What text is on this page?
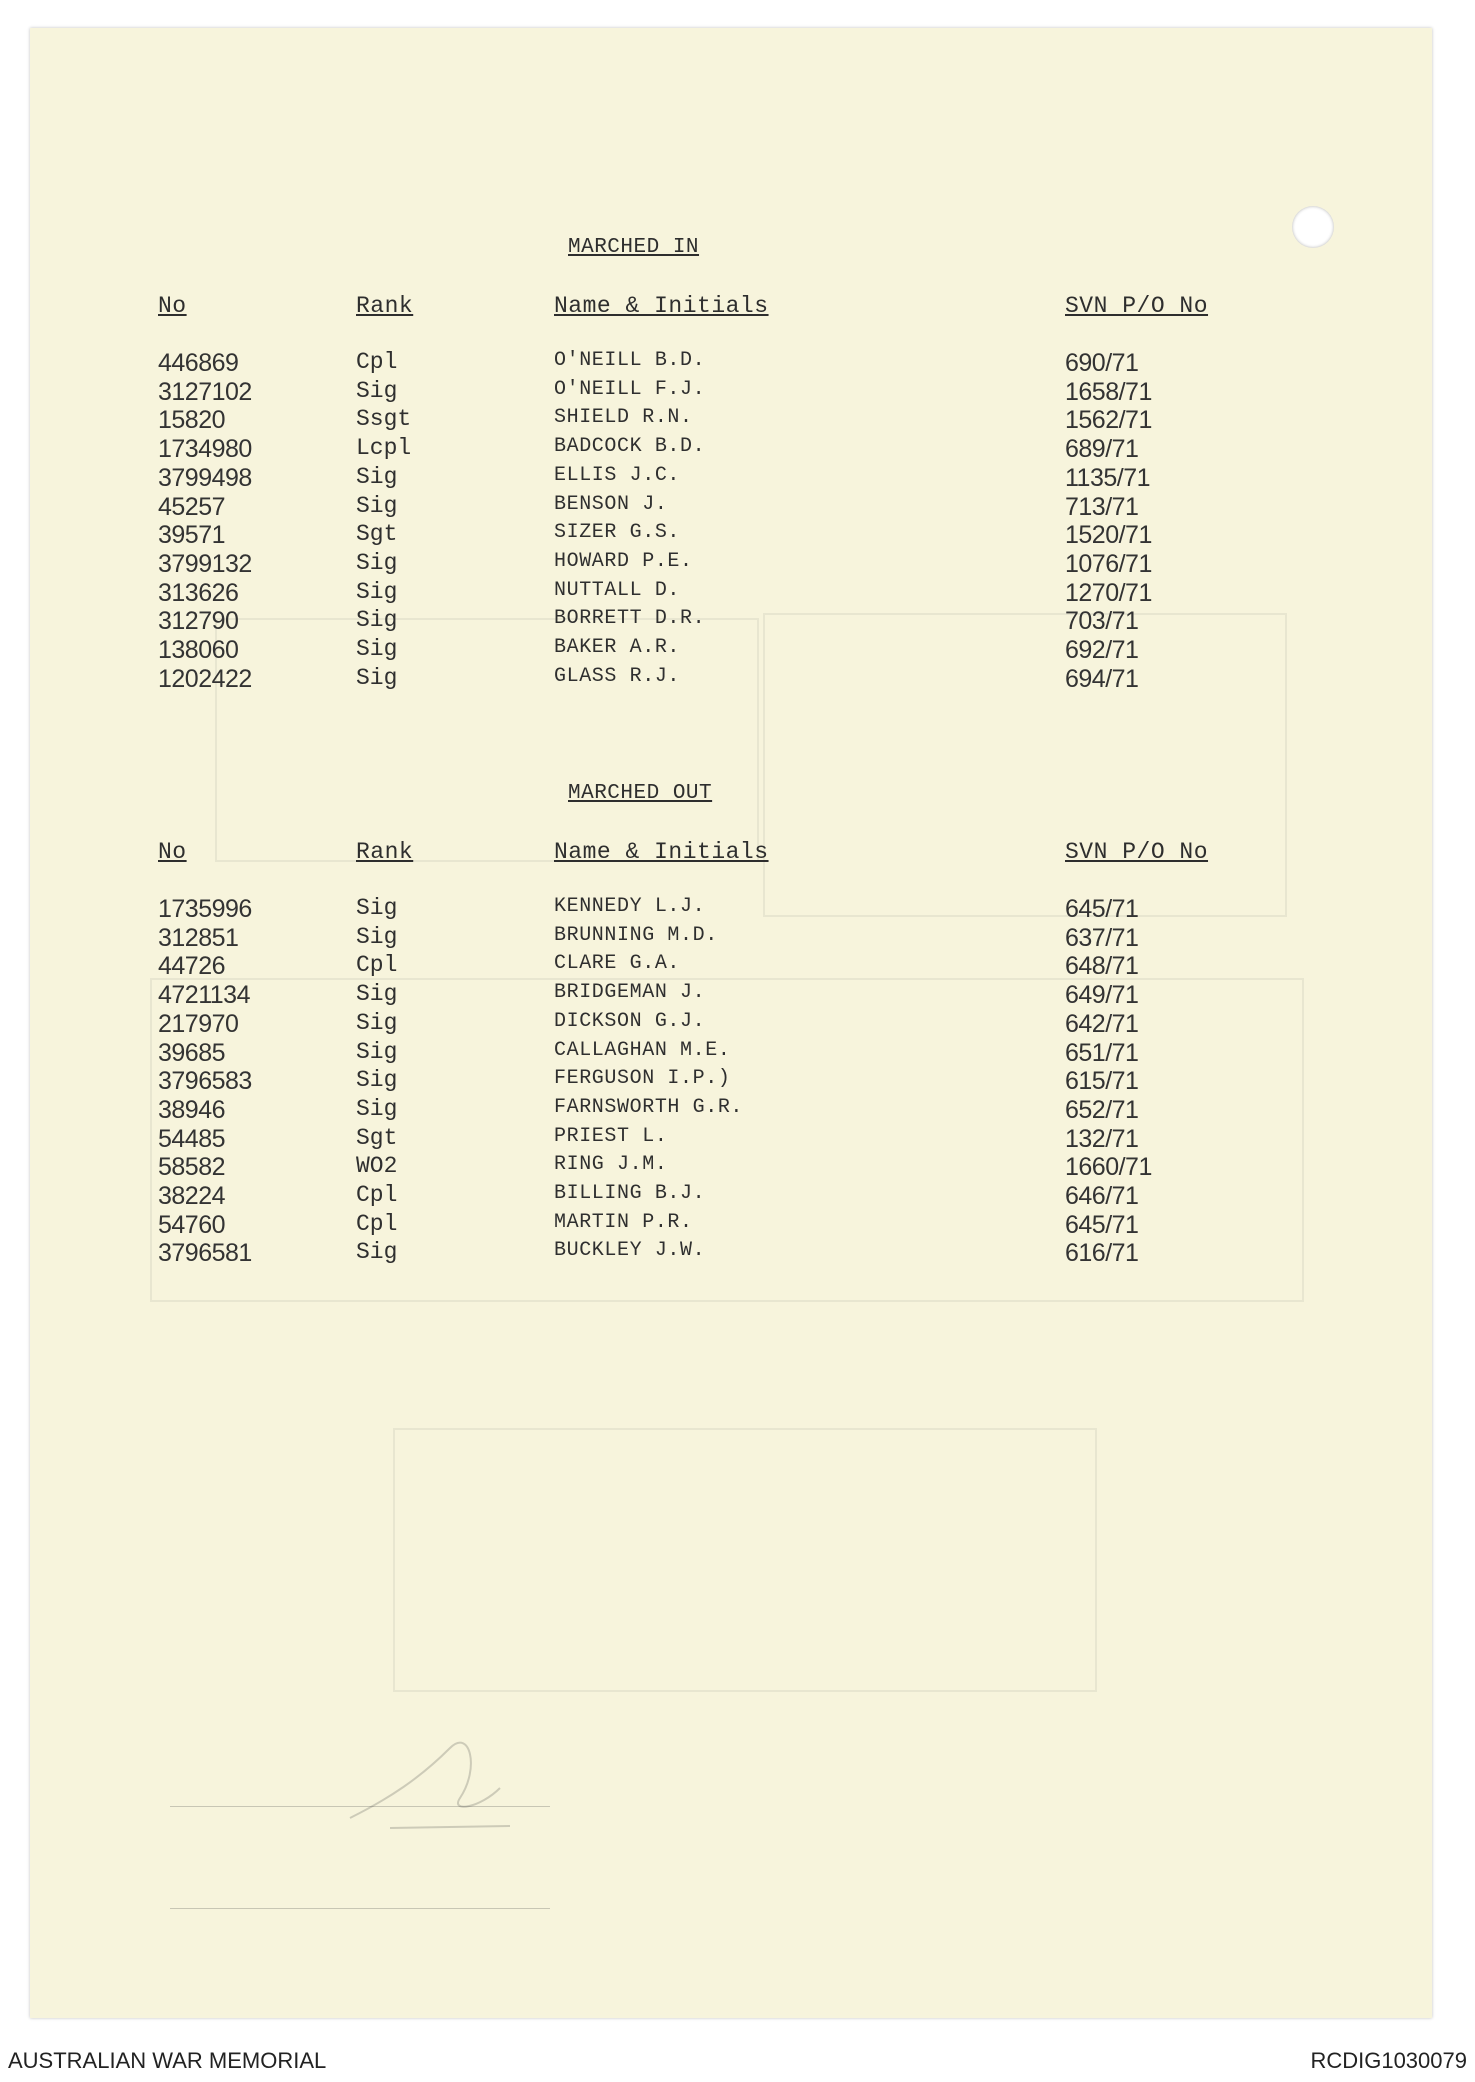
MARCHED IN
No	Rank	Name & Initials	SVN P/O No
446869	Cpl	O'NEILL B.D.	690/71
3127102	Sig	O'NEILL F.J.	1658/71
15820	Ssgt	SHIELD R.N.	1562/71
1734980	Lcpl	BADCOCK B.D.	689/71
3799498	Sig	ELLIS J.C.	1135/71
45257	Sig	BENSON J.	713/71
39571	Sgt	SIZER G.S.	1520/71
3799132	Sig	HOWARD P.E.	1076/71
313626	Sig	NUTTALL D.	1270/71
312790	Sig	BORRETT D.R.	703/71
138060	Sig	BAKER A.R.	692/71
1202422	Sig	GLASS R.J.	694/71
MARCHED OUT
No	Rank	Name & Initials	SVN P/O No
1735996	Sig	KENNEDY L.J.	645/71
312851	Sig	BRUNNING M.D.	637/71
44726	Cpl	CLARE G.A.	648/71
4721134	Sig	BRIDGEMAN J.	649/71
217970	Sig	DICKSON G.J.	642/71
39685	Sig	CALLAGHAN M.E.	651/71
3796583	Sig	FERGUSON I.P.)	615/71
38946	Sig	FARNSWORTH G.R.	652/71
54485	Sgt	PRIEST L.	132/71
58582	WO2	RING J.M.	1660/71
38224	Cpl	BILLING B.J.	646/71
54760	Cpl	MARTIN P.R.	645/71
3796581	Sig	BUCKLEY J.W.	616/71
AUSTRALIAN WAR MEMORIAL	RCDIG1030079
